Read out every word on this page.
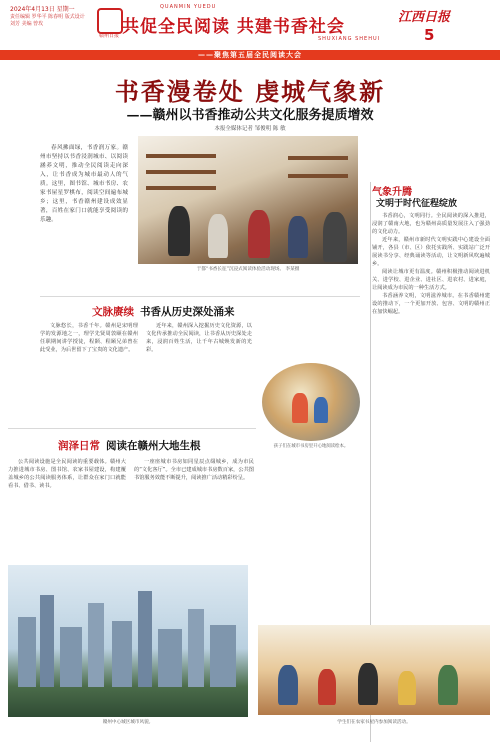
2024年4月13日 星期一
责任编辑 罗华平 陈春明 版式设计 刘芳 美编 曾玫
赣州日报
QUANMIN YUEDU
共促全民阅读 共建书香社会
SHUXIANG SHEHUI
江西日报
5
——聚焦第五届全民阅读大会
书香漫卷处 虔城气象新
——赣州以书香推动公共文化服务提质增效
本报全媒体记者 邹俊明 陈 敏

春风拂面绿，书香润万家。赣州市坚持以书香浸润城市、以阅读涵养文明，推动全民阅读走向深入，让书香成为城市最动人的气质。这里，图书馆、城市书房、农家书屋星罗棋布，阅读空间遍布城乡；这里，书香赣州建设成效显著，百姓在家门口就能享受阅读的乐趣。

于都“书香长征”沉浸式阅读体验活动现场。 李某摄
文脉赓续 书香从历史深处涌来

文脉悠长，书香千年。赣州是宋明理学的发源地之一，理学先贤周敦颐在赣州任职期间讲学授徒，程颢、程颐兄弟曾在此受业，为后世留下了宝贵的文化遗产。

近年来，赣州深入挖掘历史文化资源，以文化传承推动全民阅读，让书香从历史深处走来，浸润百姓生活，让千年古城焕发新的光彩。

孩子们在城市书房里开心地阅读绘本。
润泽日常 阅读在赣州大地生根

公共阅读设施是全民阅读的重要载体。赣州大力推进城市书房、图书馆、农家书屋建设，构建覆盖城乡的公共阅读服务体系，让群众在家门口就能看书、借书、读书。

一座座城市书房如同星辰点缀城乡，成为市民的“文化客厅”。全市已建成城市书房数百家，公共图书馆服务效能不断提升，阅读推广活动精彩纷呈。

赣州中心城区城市风貌。
气象升腾
文明于时代征程绽放

书香润心，文明同行。全民阅读的深入推进，浸润了赣南大地，也为赣州高质量发展注入了强劲的文化动力。

近年来，赣州市新时代文明实践中心建设全面铺开，各县（市、区）依托实践所、实践站广泛开展读书分享、经典诵读等活动，让文明新风吹遍城乡。

阅读让城市更有温度。赣州积极推动阅读进机关、进学校、进企业、进社区、进农村、进家庭，让阅读成为市民的一种生活方式。

书香涵养文明，文明滋养城市。在书香赣州建设的推动下，一个更加开放、包容、文明的赣州正在加快崛起。

学生们在农家书屋内参加阅读活动。
